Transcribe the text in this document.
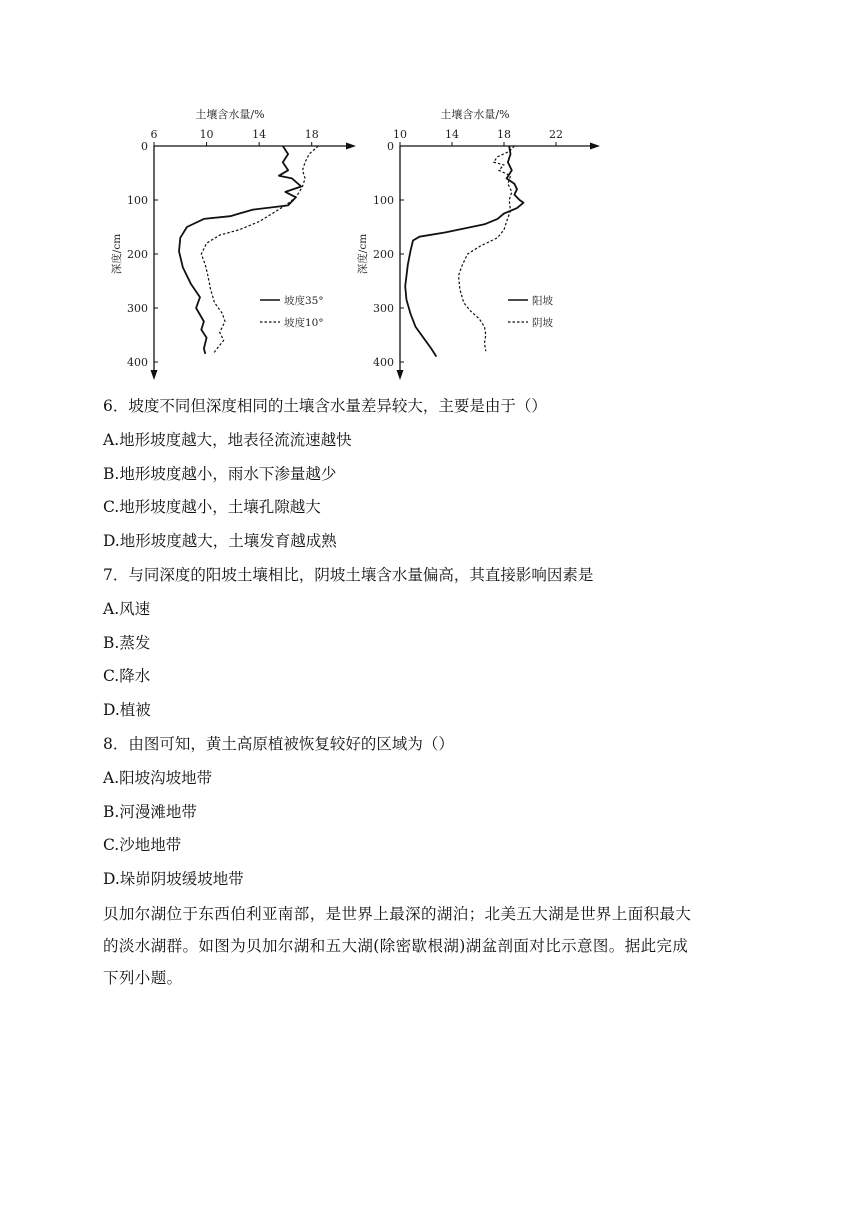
土壤含水量/%
6	10	14	18
0
100
200
300
400
深度/cm
坡度35°
坡度10°
土壤含水量/%
10	14	18	22
0
100
200
300
400
深度/cm
阳坡
阴坡

6．坡度不同但深度相同的土壤含水量差异较大，主要是由于（）

A.地形坡度越大，地表径流流速越快

B.地形坡度越小，雨水下渗量越少

C.地形坡度越小，土壤孔隙越大

D.地形坡度越大，土壤发育越成熟

7．与同深度的阳坡土壤相比，阴坡土壤含水量偏高，其直接影响因素是

A.风速

B.蒸发

C.降水

D.植被

8．由图可知，黄土高原植被恢复较好的区域为（）

A.阳坡沟坡地带

B.河漫滩地带

C.沙地地带

D.垛峁阴坡缓坡地带

贝加尔湖位于东西伯利亚南部，是世界上最深的湖泊；北美五大湖是世界上面积最大

的淡水湖群。如图为贝加尔湖和五大湖(除密歇根湖)湖盆剖面对比示意图。据此完成

下列小题。
